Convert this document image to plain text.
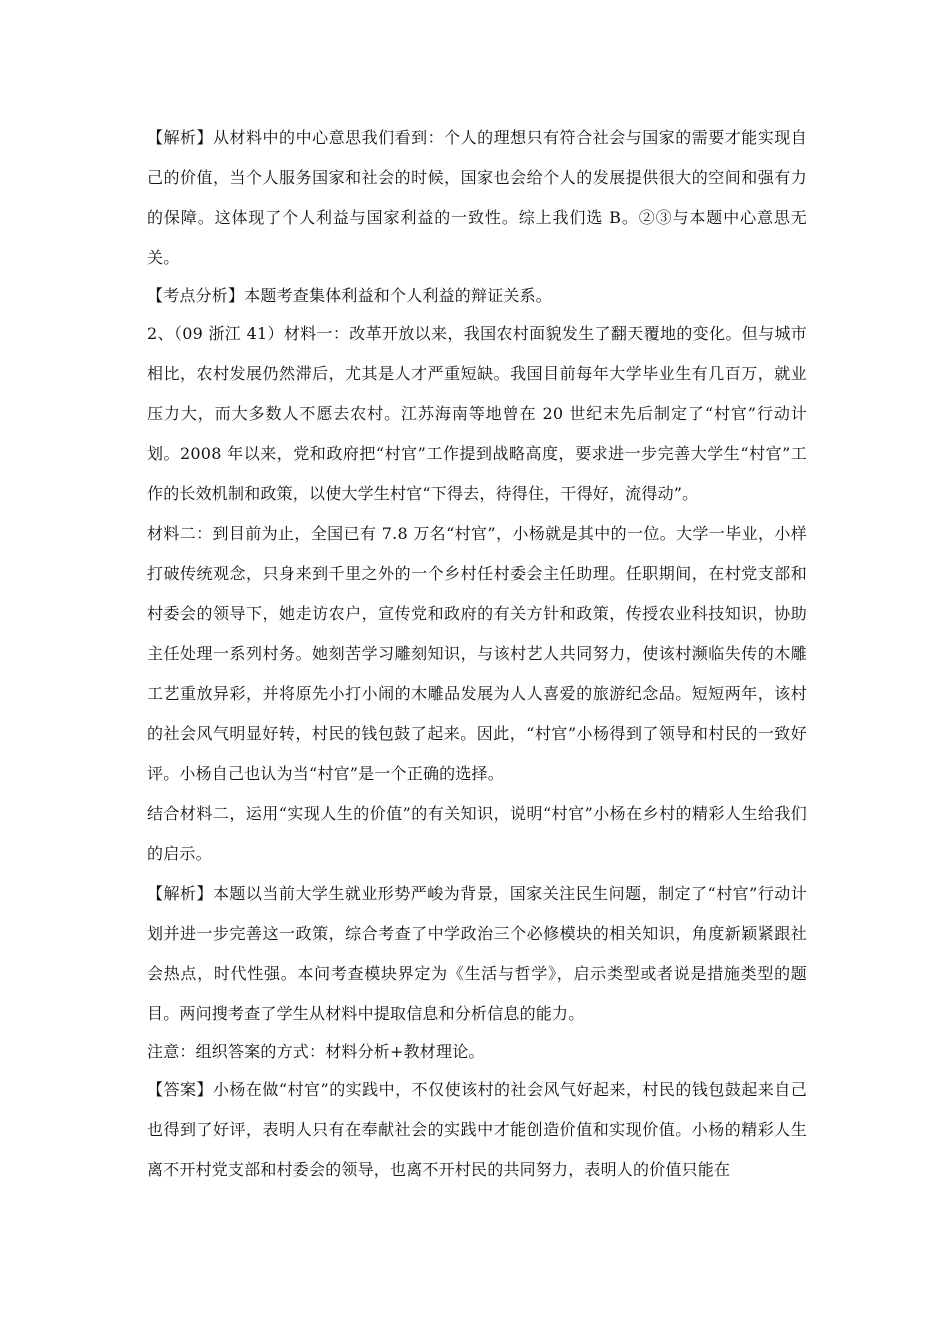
【解析】从材料中的中心意思我们看到：个人的理想只有符合社会与国家的需要才能实现自己的价值，当个人服务国家和社会的时候，国家也会给个人的发展提供很大的空间和强有力的保障。这体现了个人利益与国家利益的一致性。综上我们选 B。②③与本题中心意思无关。

【考点分析】本题考查集体利益和个人利益的辩证关系。

2、（09 浙江 41）材料一：改革开放以来，我国农村面貌发生了翻天覆地的变化。但与城市相比，农村发展仍然滞后，尤其是人才严重短缺。我国目前每年大学毕业生有几百万，就业压力大，而大多数人不愿去农村。江苏海南等地曾在 20 世纪末先后制定了“村官”行动计划。2008 年以来，党和政府把“村官”工作提到战略高度，要求进一步完善大学生“村官”工作的长效机制和政策，以使大学生村官“下得去，待得住，干得好，流得动”。

材料二：到目前为止，全国已有 7.8 万名“村官”，小杨就是其中的一位。大学一毕业，小样打破传统观念，只身来到千里之外的一个乡村任村委会主任助理。任职期间，在村党支部和村委会的领导下，她走访农户，宣传党和政府的有关方针和政策，传授农业科技知识，协助主任处理一系列村务。她刻苦学习雕刻知识，与该村艺人共同努力，使该村濒临失传的木雕工艺重放异彩，并将原先小打小闹的木雕品发展为人人喜爱的旅游纪念品。短短两年，该村的社会风气明显好转，村民的钱包鼓了起来。因此，“村官”小杨得到了领导和村民的一致好评。小杨自己也认为当“村官”是一个正确的选择。

结合材料二，运用“实现人生的价值”的有关知识，说明“村官”小杨在乡村的精彩人生给我们的启示。

【解析】本题以当前大学生就业形势严峻为背景，国家关注民生问题，制定了“村官”行动计划并进一步完善这一政策，综合考查了中学政治三个必修模块的相关知识，角度新颖紧跟社会热点，时代性强。本问考查模块界定为《生活与哲学》，启示类型或者说是措施类型的题目。两问搜考查了学生从材料中提取信息和分析信息的能力。

注意：组织答案的方式：材料分析+教材理论。

【答案】小杨在做“村官”的实践中，不仅使该村的社会风气好起来，村民的钱包鼓起来自己也得到了好评，表明人只有在奉献社会的实践中才能创造价值和实现价值。小杨的精彩人生离不开村党支部和村委会的领导，也离不开村民的共同努力，表明人的价值只能在
